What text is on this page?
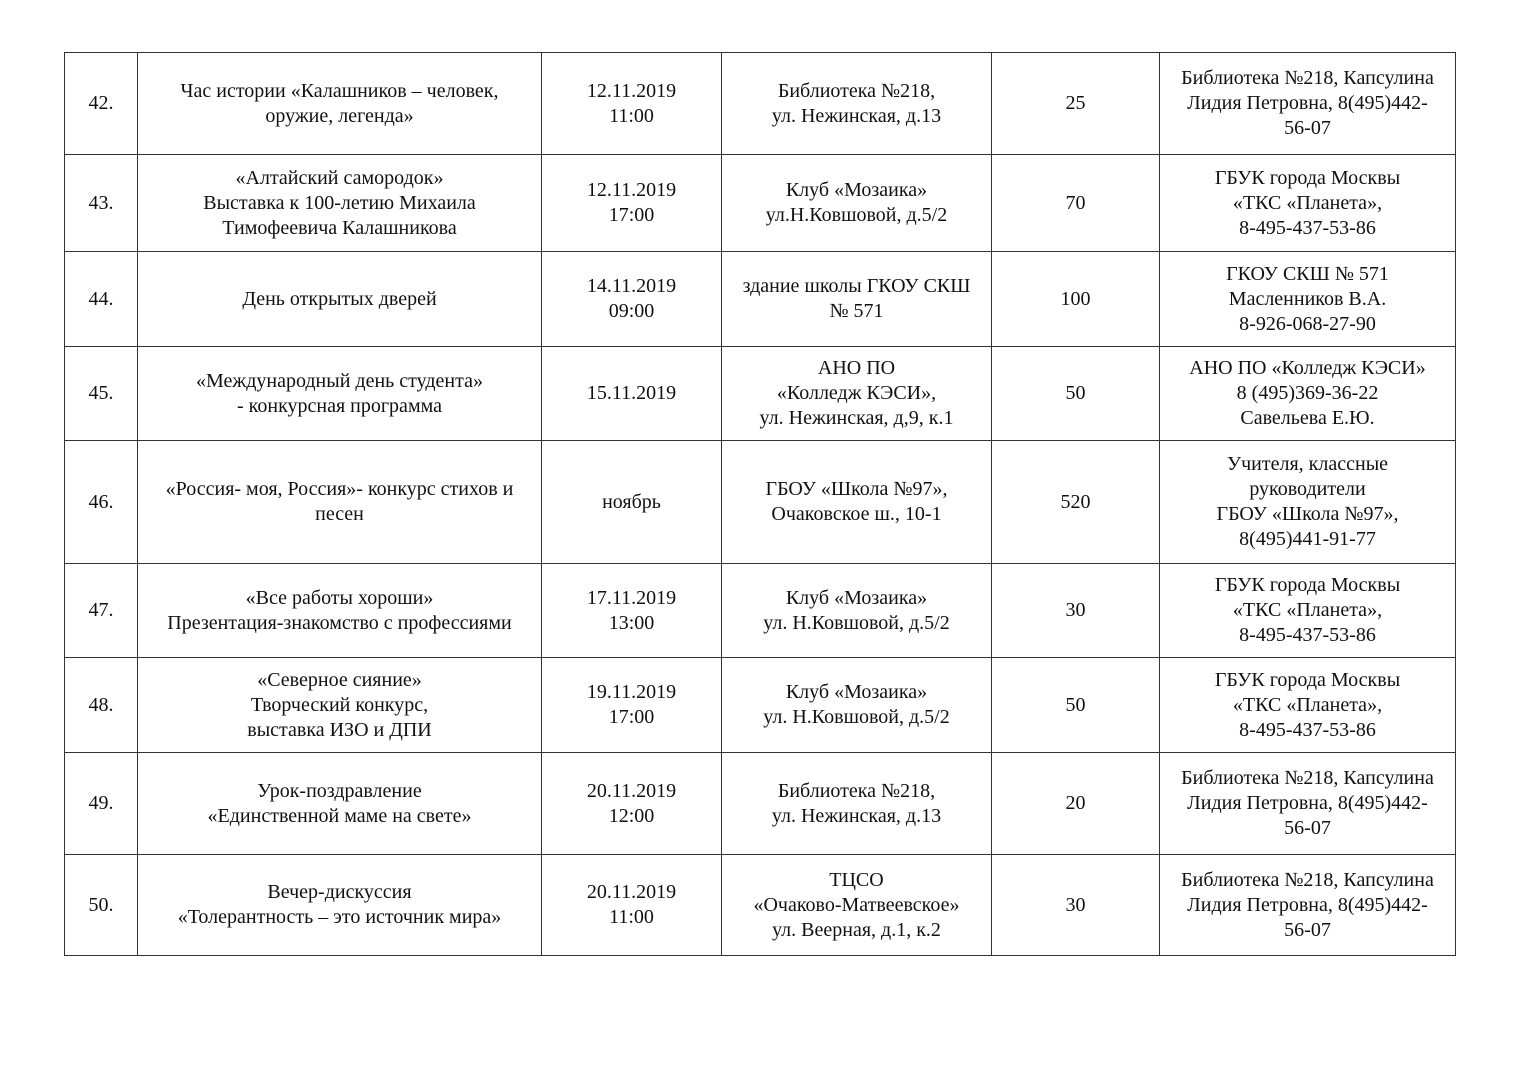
42.	Час истории «Калашников – человек,
оружие, легенда»	12.11.2019
11:00	Библиотека №218,
ул. Нежинская, д.13	25	Библиотека №218, Капсулина
Лидия Петровна, 8(495)442-
56-07
43.	«Алтайский самородок»
Выставка к 100-летию Михаила
Тимофеевича Калашникова	12.11.2019
17:00	Клуб «Мозаика»
ул.Н.Ковшовой, д.5/2	70	ГБУК города Москвы
«ТКС «Планета»,
8-495-437-53-86
44.	День открытых дверей	14.11.2019
09:00	здание школы ГКОУ СКШ
№ 571	100	ГКОУ СКШ № 571
Масленников В.А.
8-926-068-27-90
45.	«Международный день студента»
- конкурсная программа	15.11.2019	АНО ПО
«Колледж КЭСИ»,
ул. Нежинская, д,9, к.1	50	АНО ПО «Колледж КЭСИ»
8 (495)369-36-22
Савельева Е.Ю.
46.	«Россия- моя, Россия»- конкурс стихов и
песен	ноябрь	ГБОУ «Школа №97»,
Очаковское ш., 10-1	520	Учителя, классные
руководители
ГБОУ «Школа №97»,
8(495)441-91-77
47.	«Все работы хороши»
Презентация-знакомство с профессиями	17.11.2019
13:00	Клуб «Мозаика»
ул. Н.Ковшовой, д.5/2	30	ГБУК города Москвы
«ТКС «Планета»,
8-495-437-53-86
48.	«Северное сияние»
Творческий конкурс,
выставка ИЗО и ДПИ	19.11.2019
17:00	Клуб «Мозаика»
ул. Н.Ковшовой, д.5/2	50	ГБУК города Москвы
«ТКС «Планета»,
8-495-437-53-86
49.	Урок-поздравление
«Единственной маме на свете»	20.11.2019
12:00	Библиотека №218,
ул. Нежинская, д.13	20	Библиотека №218, Капсулина
Лидия Петровна, 8(495)442-
56-07
50.	Вечер-дискуссия
«Толерантность – это источник мира»	20.11.2019
11:00	ТЦСО
«Очаково-Матвеевское»
ул. Веерная, д.1, к.2	30	Библиотека №218, Капсулина
Лидия Петровна, 8(495)442-
56-07
